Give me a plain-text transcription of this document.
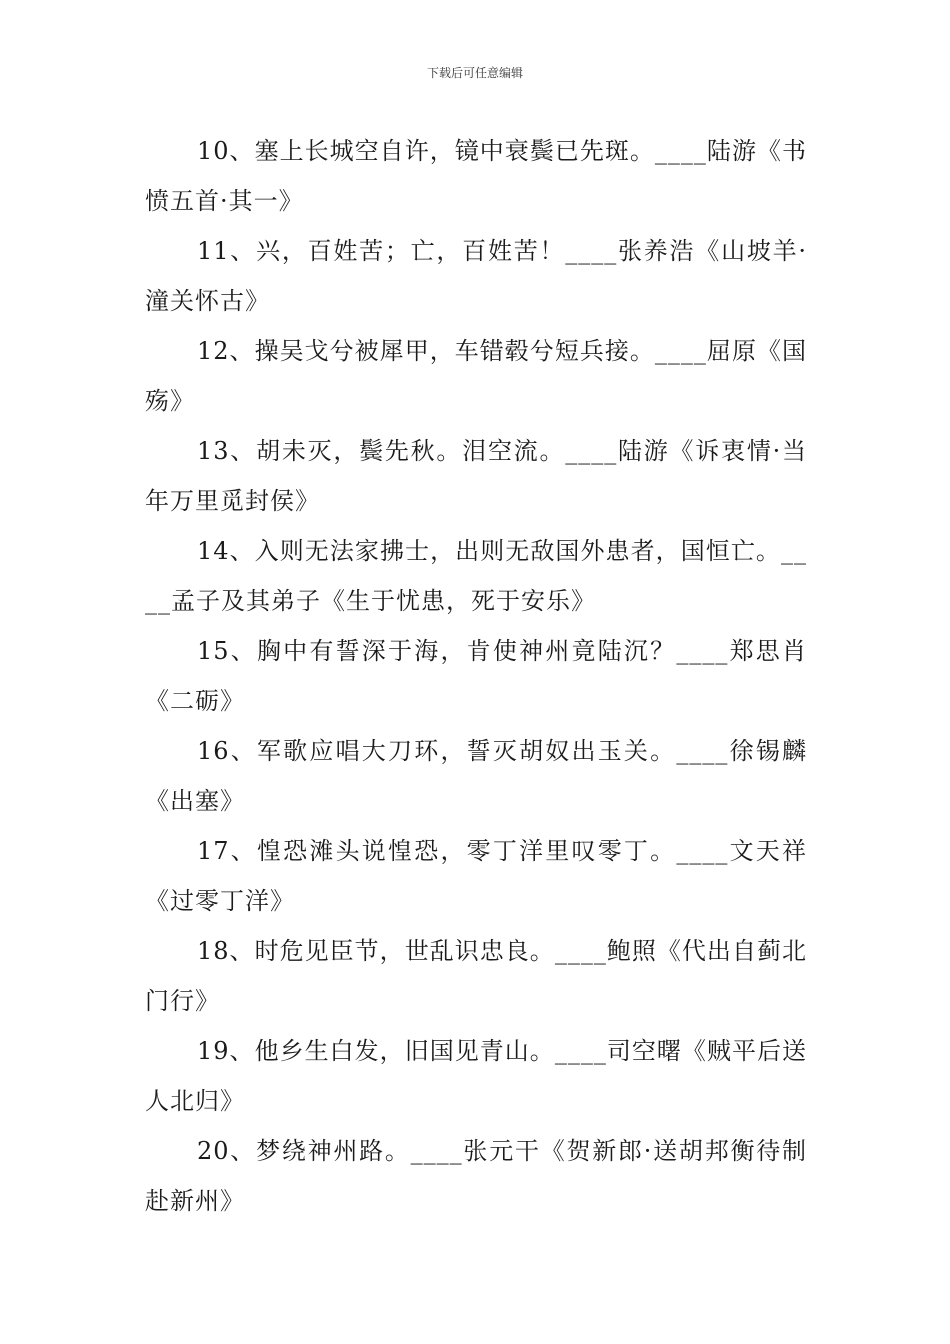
下载后可任意编辑

10、塞上长城空自许，镜中衰鬓已先斑。____陆游《书愤五首·其一》

11、兴，百姓苦；亡，百姓苦！____张养浩《山坡羊·潼关怀古》

12、操吴戈兮被犀甲，车错毂兮短兵接。____屈原《国殇》

13、胡未灭，鬓先秋。泪空流。____陆游《诉衷情·当年万里觅封侯》

14、入则无法家拂士，出则无敌国外患者，国恒亡。____孟子及其弟子《生于忧患，死于安乐》

15、胸中有誓深于海，肯使神州竟陆沉？____郑思肖《二砺》

16、军歌应唱大刀环，誓灭胡奴出玉关。____徐锡麟《出塞》

17、惶恐滩头说惶恐，零丁洋里叹零丁。____文天祥《过零丁洋》

18、时危见臣节，世乱识忠良。____鲍照《代出自蓟北门行》

19、他乡生白发，旧国见青山。____司空曙《贼平后送人北归》

20、梦绕神州路。____张元干《贺新郎·送胡邦衡待制赴新州》
